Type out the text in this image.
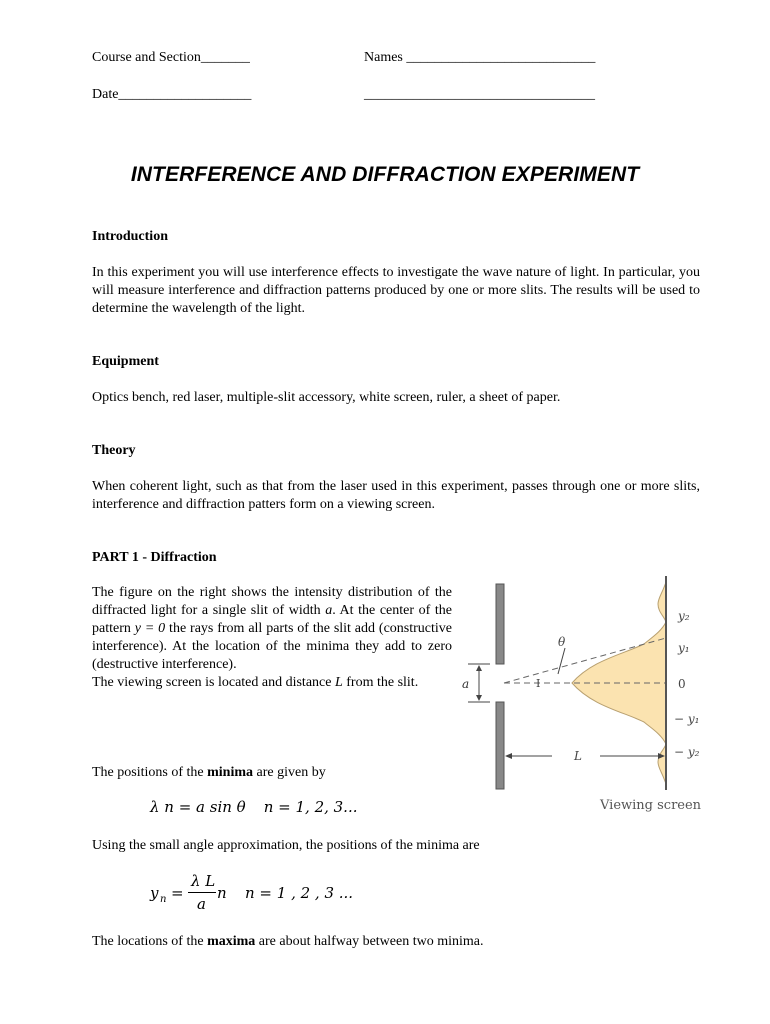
Course and Section_______	Names ___________________________
Date___________________	_________________________________
INTERFERENCE AND DIFFRACTION EXPERIMENT
Introduction
In this experiment you will use interference effects to investigate the wave nature of light. In particular, you will measure interference and diffraction patterns produced by one or more slits. The results will be used to determine the wavelength of the light.
Equipment
Optics bench, red laser, multiple-slit accessory, white screen, ruler, a sheet of paper.
Theory
When coherent light, such as that from the laser used in this experiment, passes through one or more slits, interference and diffraction patters form on a viewing screen.
PART 1 - Diffraction
The figure on the right shows the intensity distribution of the diffracted light for a single slit of width a. At the center of the pattern y = 0 the rays from all parts of the slit add (constructive interference). At the location of the minima they add to zero (destructive interference).
The viewing screen is located and distance L from the slit.
The positions of the minima are given by
λ n = a sin θ n = 1, 2, 3...
Using the small angle approximation, the positions of the minima are
y n =
λ L
a
n n = 1 , 2 , 3 ...
The locations of the maxima are about halfway between two minima.
a	I
θ
L
y₂
y₁
0
− y₁
− y₂
Viewing screen
